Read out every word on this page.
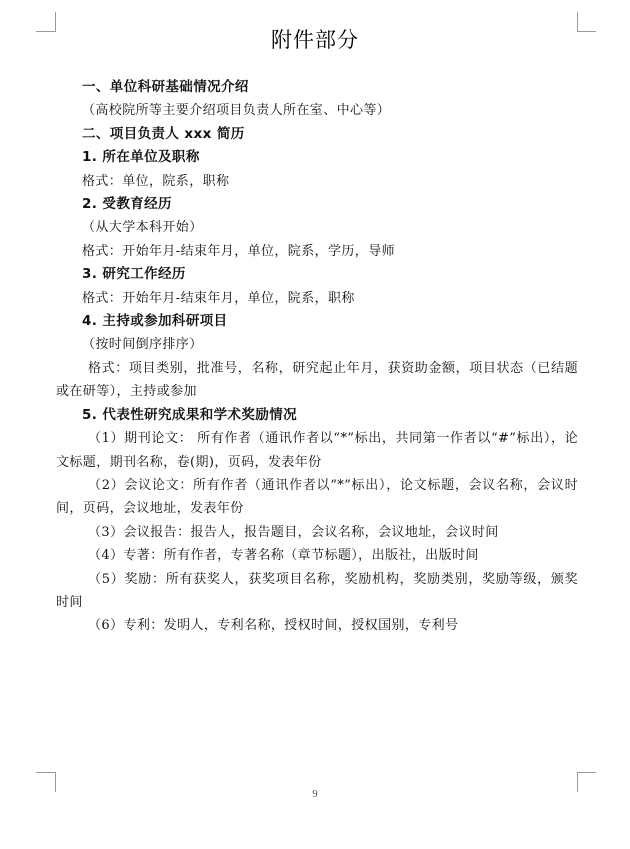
附件部分
一、单位科研基础情况介绍
（高校院所等主要介绍项目负责人所在室、中心等）
二、项目负责人 xxx 简历
1. 所在单位及职称
格式：单位，院系，职称
2. 受教育经历
（从大学本科开始）
格式：开始年月-结束年月，单位，院系，学历，导师
3. 研究工作经历
格式：开始年月-结束年月，单位，院系，职称
4. 主持或参加科研项目
（按时间倒序排序）
格式：项目类别，批准号，名称，研究起止年月，获资助金额，项目状态（已结题或在研等），主持或参加
5. 代表性研究成果和学术奖励情况
（1）期刊论文： 所有作者（通讯作者以“*”标出，共同第一作者以“#”标出），论文标题，期刊名称，卷(期)，页码，发表年份
（2）会议论文：所有作者（通讯作者以“*”标出），论文标题，会议名称，会议时间，页码，会议地址，发表年份
（3）会议报告：报告人，报告题目，会议名称，会议地址，会议时间
（4）专著：所有作者，专著名称（章节标题），出版社，出版时间
（5）奖励：所有获奖人，获奖项目名称，奖励机构，奖励类别，奖励等级，颁奖时间
（6）专利：发明人，专利名称，授权时间，授权国别，专利号
9
